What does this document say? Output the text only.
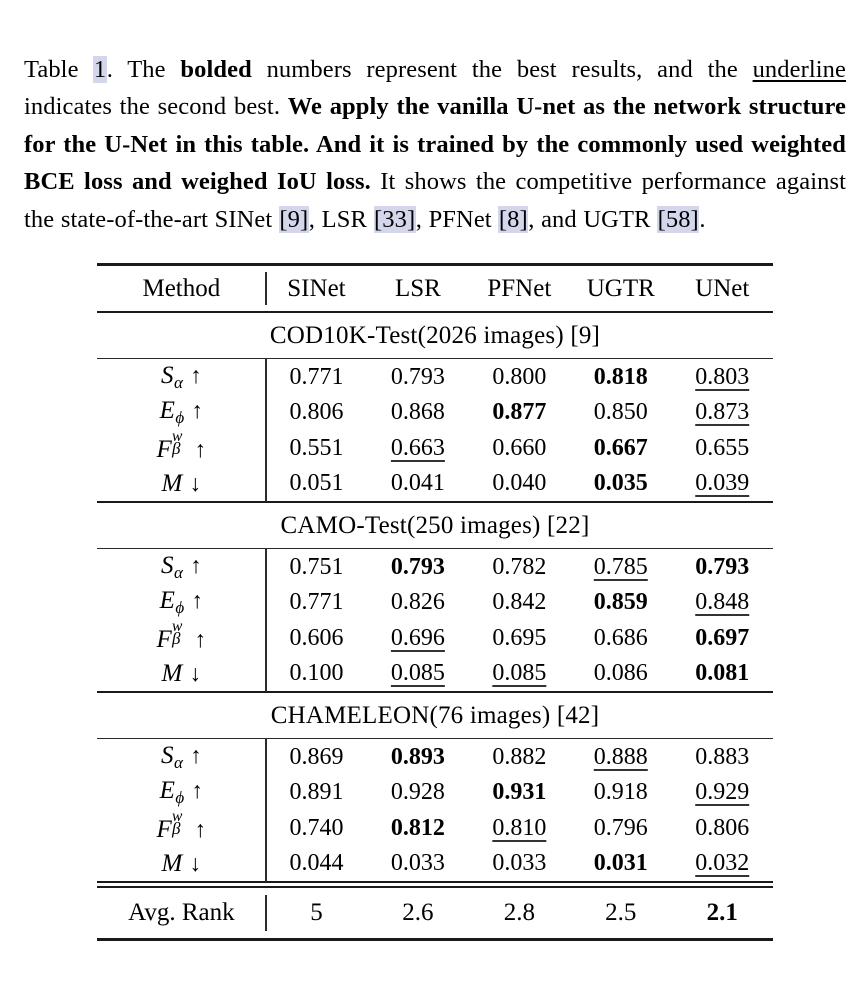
Table 1. The bolded numbers represent the best results, and the underline indicates the second best. We apply the vanilla U-net as the network structure for the U-Net in this table. And it is trained by the commonly used weighted BCE loss and weighed IoU loss. It shows the competitive performance against the state-of-the-art SINet [9], LSR [33], PFNet [8], and UGTR [58].

Method	SINet	LSR	PFNet	UGTR	UNet

COD10K-Test(2026 images) [9]					

$S_\alpha$ ↑	0.771	0.793	0.800	0.818	0.803
$E_\phi$ ↑	0.806	0.868	0.877	0.850	0.873
F
w
β ↑	0.551	0.663	0.660	0.667	0.655
M ↓	0.051	0.041	0.040	0.035	0.039

CAMO-Test(250 images) [22]					

$S_\alpha$ ↑	0.751	0.793	0.782	0.785	0.793
$E_\phi$ ↑	0.771	0.826	0.842	0.859	0.848
F
w
β ↑	0.606	0.696	0.695	0.686	0.697
M ↓	0.100	0.085	0.085	0.086	0.081

CHAMELEON(76 images) [42]					

$S_\alpha$ ↑	0.869	0.893	0.882	0.888	0.883
$E_\phi$ ↑	0.891	0.928	0.931	0.918	0.929
F
w
β ↑	0.740	0.812	0.810	0.796	0.806
M ↓	0.044	0.033	0.033	0.031	0.032

Avg. Rank	5	2.6	2.8	2.5	2.1
